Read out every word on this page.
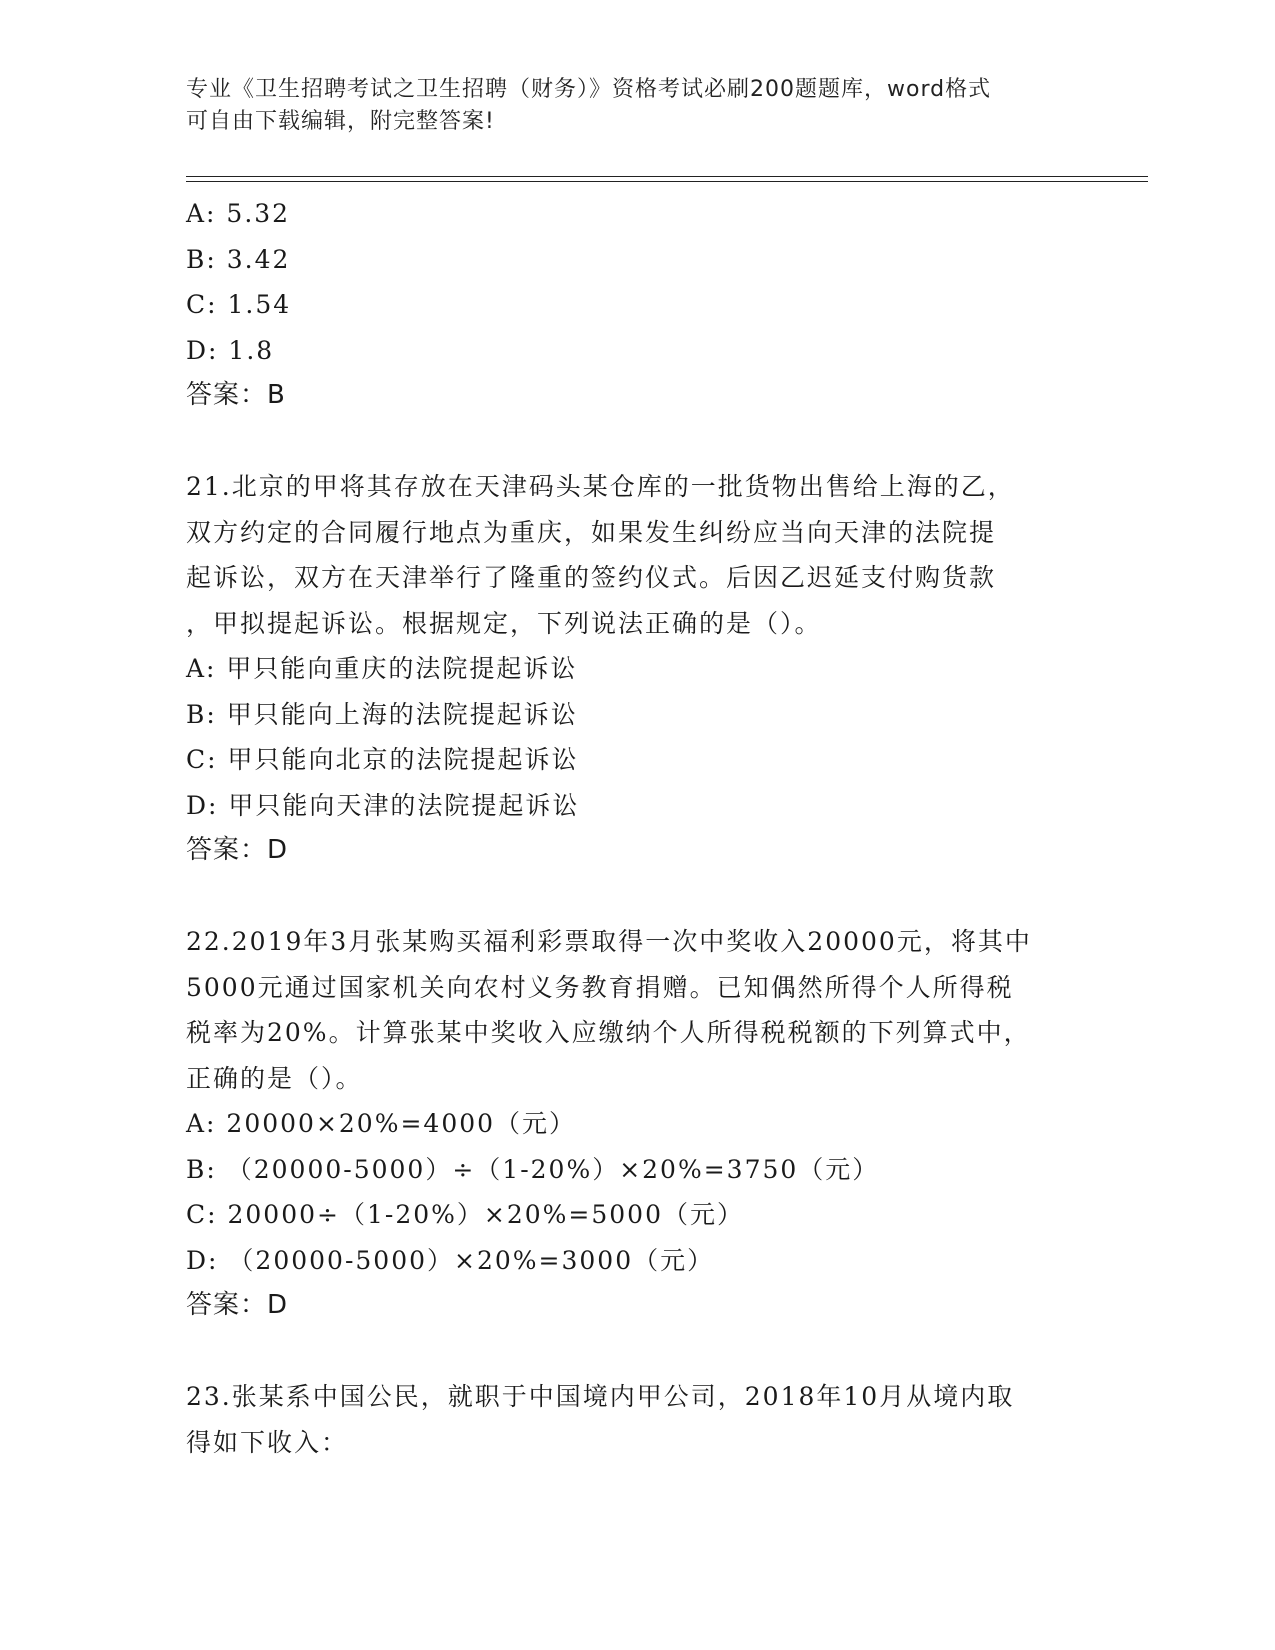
专业《卫生招聘考试之卫生招聘（财务）》资格考试必刷200题题库，word格式
可自由下载编辑，附完整答案!
A: 5.32
B: 3.42
C: 1.54
D: 1.8
答案：B
21.北京的甲将其存放在天津码头某仓库的一批货物出售给上海的乙，
双方约定的合同履行地点为重庆，如果发生纠纷应当向天津的法院提
起诉讼，双方在天津举行了隆重的签约仪式。后因乙迟延支付购货款
，甲拟提起诉讼。根据规定，下列说法正确的是（）。
A: 甲只能向重庆的法院提起诉讼
B: 甲只能向上海的法院提起诉讼
C: 甲只能向北京的法院提起诉讼
D: 甲只能向天津的法院提起诉讼
答案：D
22.2019年3月张某购买福利彩票取得一次中奖收入20000元，将其中
5000元通过国家机关向农村义务教育捐赠。已知偶然所得个人所得税
税率为20%。计算张某中奖收入应缴纳个人所得税税额的下列算式中，
正确的是（）。
A: 20000×20%=4000（元）
B: （20000-5000）÷（1-20%）×20%=3750（元）
C: 20000÷（1-20%）×20%=5000（元）
D: （20000-5000）×20%=3000（元）
答案：D
23.张某系中国公民，就职于中国境内甲公司，2018年10月从境内取
得如下收入：
